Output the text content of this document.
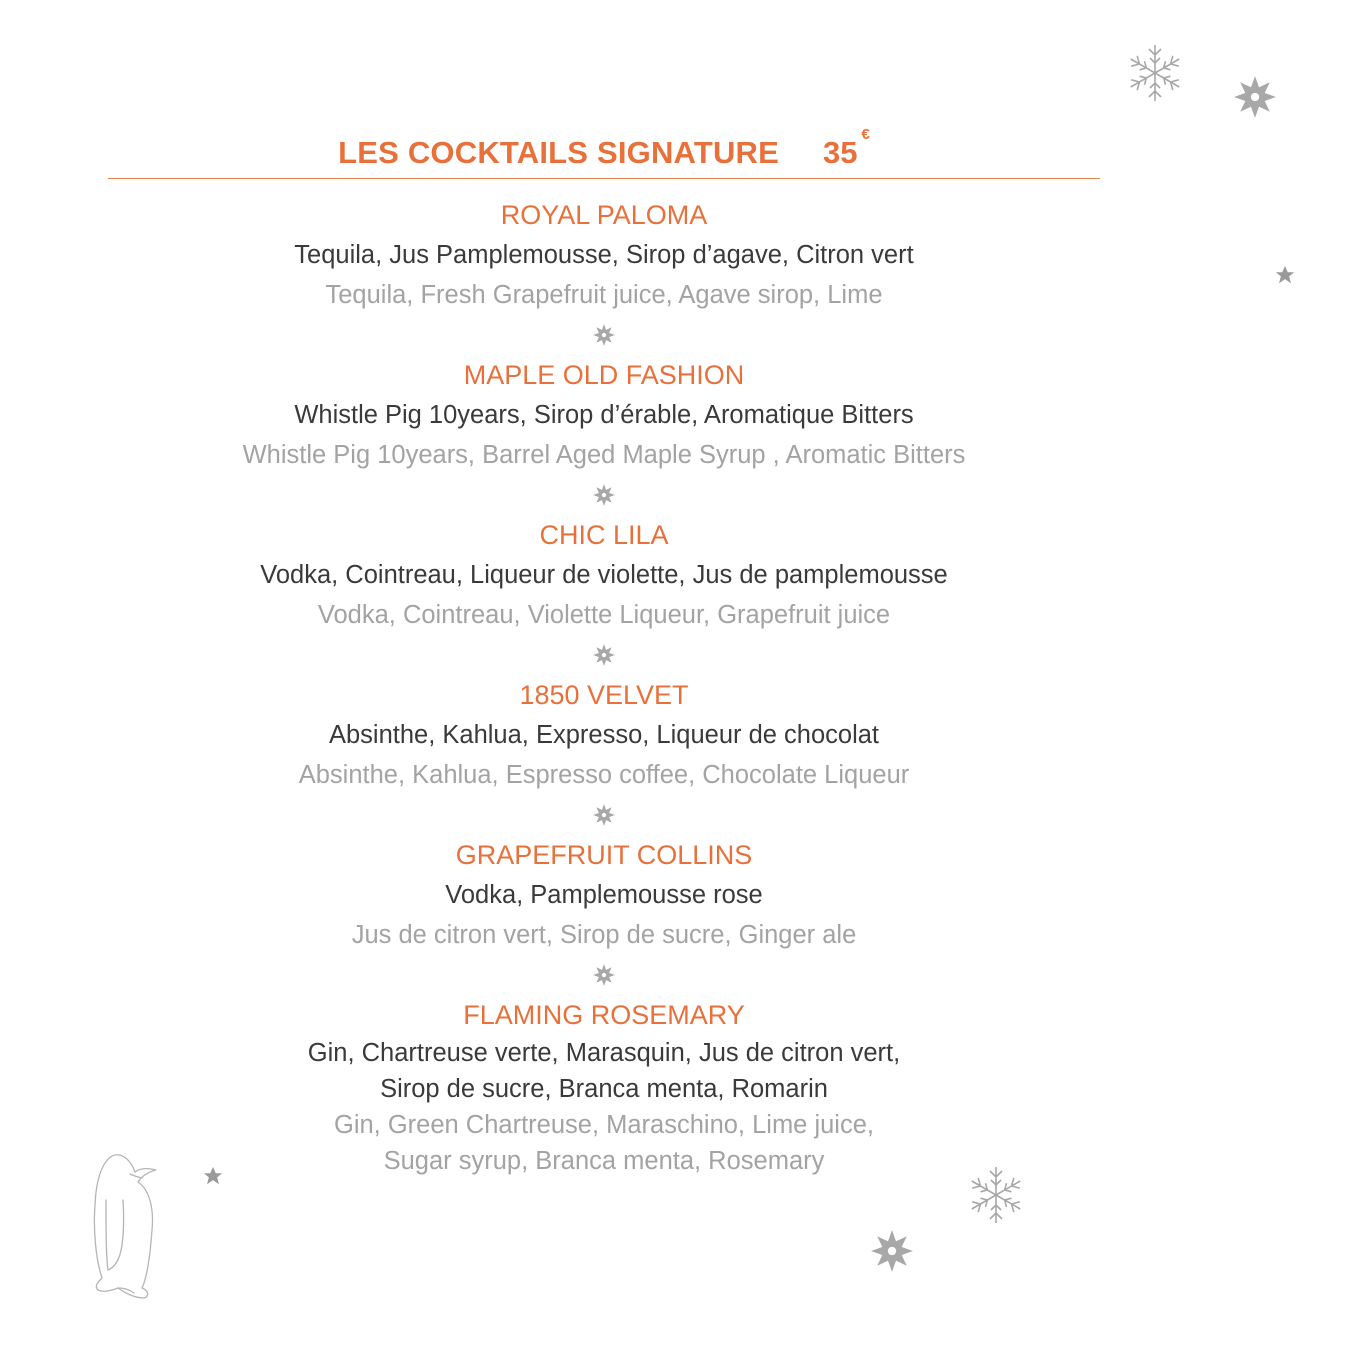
LES COCKTAILS SIGNATURE 35€
ROYAL PALOMA
Tequila, Jus Pamplemousse, Sirop d’agave, Citron vert
Tequila, Fresh Grapefruit juice, Agave sirop, Lime
MAPLE OLD FASHION
Whistle Pig 10years, Sirop d’érable, Aromatique Bitters
Whistle Pig 10years, Barrel Aged Maple Syrup , Aromatic Bitters
CHIC LILA
Vodka, Cointreau, Liqueur de violette, Jus de pamplemousse
Vodka, Cointreau, Violette Liqueur, Grapefruit juice
1850 VELVET
Absinthe, Kahlua, Expresso, Liqueur de chocolat
Absinthe, Kahlua, Espresso coffee, Chocolate Liqueur
GRAPEFRUIT COLLINS
Vodka, Pamplemousse rose
Jus de citron vert, Sirop de sucre, Ginger ale
FLAMING ROSEMARY
Gin, Chartreuse verte, Marasquin, Jus de citron vert,
Sirop de sucre, Branca menta, Romarin
Gin, Green Chartreuse, Maraschino, Lime juice,
Sugar syrup, Branca menta, Rosemary
